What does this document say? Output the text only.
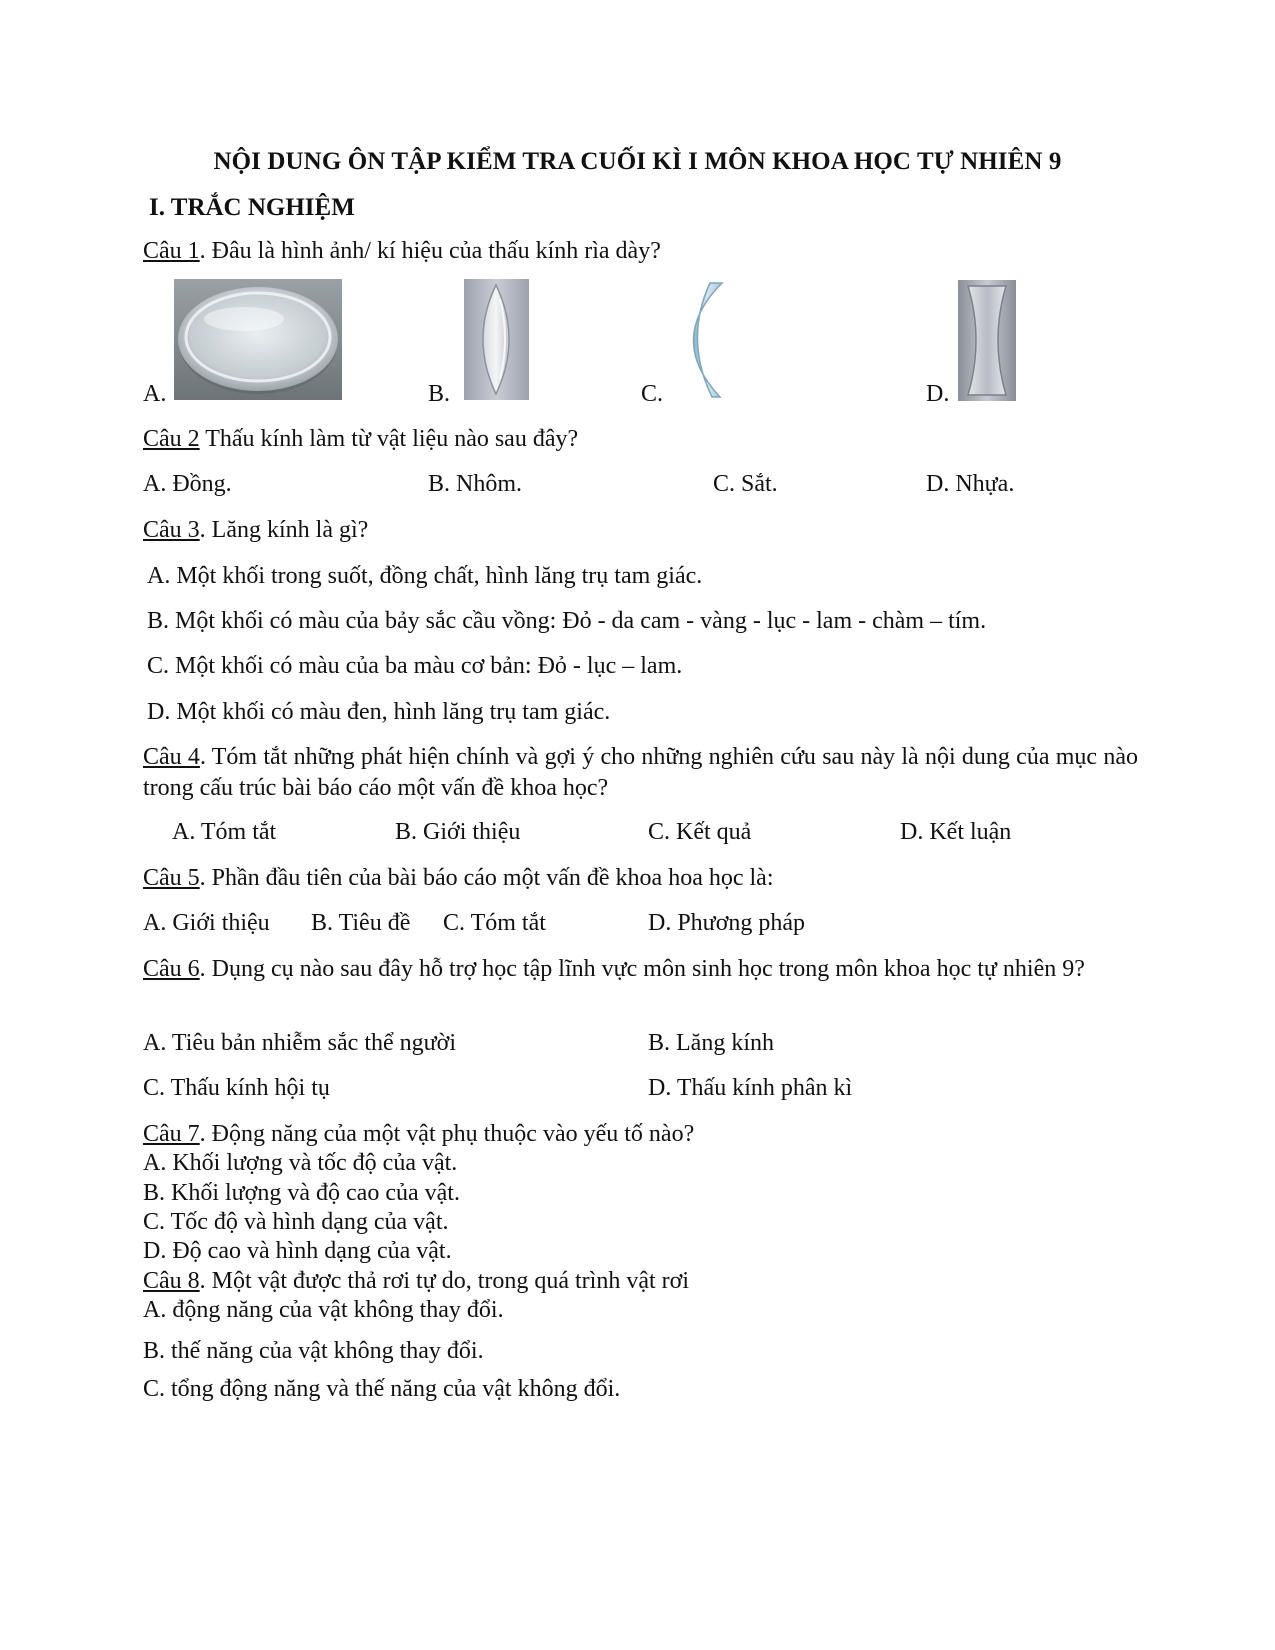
NỘI DUNG ÔN TẬP KIỂM TRA CUỐI KÌ I MÔN KHOA HỌC TỰ NHIÊN 9
I. TRẮC NGHIỆM
Câu 1. Đâu là hình ảnh/ kí hiệu của thấu kính rìa dày?
A.	B.	C.	D.
Câu 2 Thấu kính làm từ vật liệu nào sau đây?
A. Đồng.	B. Nhôm.	C. Sắt.	D. Nhựa.
Câu 3. Lăng kính là gì?
A. Một khối trong suốt, đồng chất, hình lăng trụ tam giác.
B. Một khối có màu của bảy sắc cầu vồng: Đỏ - da cam - vàng - lục - lam - chàm – tím.
C. Một khối có màu của ba màu cơ bản: Đỏ - lục – lam.
D. Một khối có màu đen, hình lăng trụ tam giác.
Câu 4. Tóm tắt những phát hiện chính và gợi ý cho những nghiên cứu sau này là nội dung của mục nào trong cấu trúc bài báo cáo một vấn đề khoa học?
A. Tóm tắt	B. Giới thiệu	C. Kết quả	D. Kết luận
Câu 5. Phần đầu tiên của bài báo cáo một vấn đề khoa hoa học là:
A. Giới thiệu B. Tiêu đề C. Tóm tắt	D. Phương pháp
Câu 6. Dụng cụ nào sau đây hỗ trợ học tập lĩnh vực môn sinh học trong môn khoa học tự nhiên 9?
A. Tiêu bản nhiễm sắc thể người	B. Lăng kính
C. Thấu kính hội tụ	D. Thấu kính phân kì
Câu 7. Động năng của một vật phụ thuộc vào yếu tố nào?
A. Khối lượng và tốc độ của vật.
B. Khối lượng và độ cao của vật.
C. Tốc độ và hình dạng của vật.
D. Độ cao và hình dạng của vật.
Câu 8. Một vật được thả rơi tự do, trong quá trình vật rơi
A. động năng của vật không thay đổi.
B. thế năng của vật không thay đổi.
C. tổng động năng và thế năng của vật không đổi.
